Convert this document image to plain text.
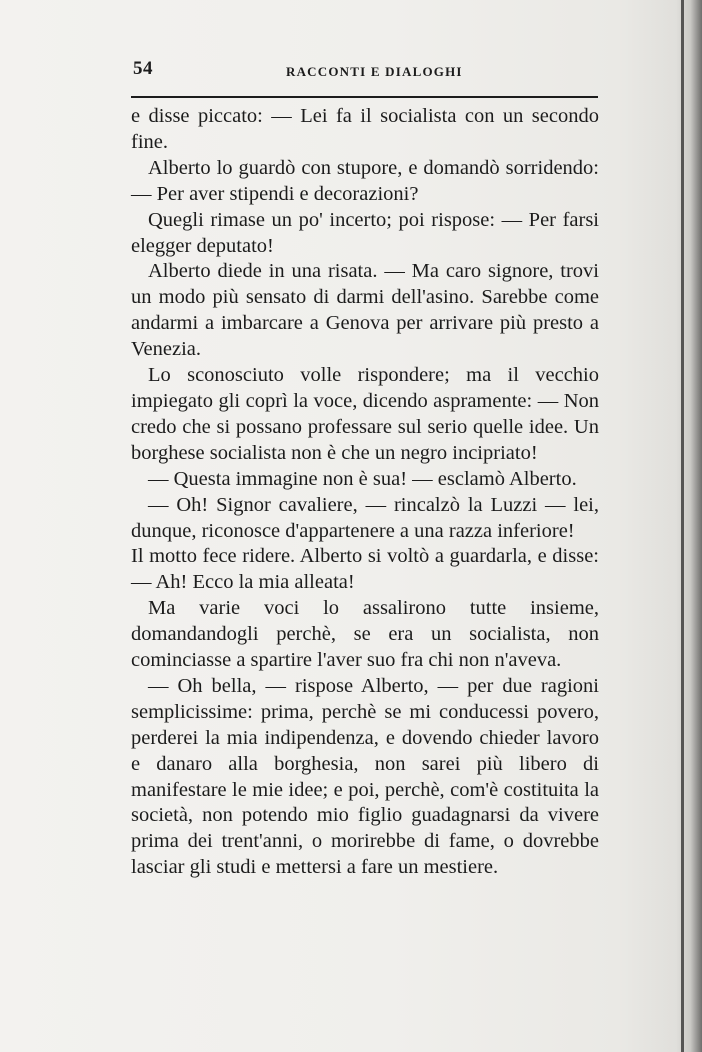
54	RACCONTI E DIALOGHI

e disse piccato: — Lei fa il socialista con un secondo fine.

Alberto lo guardò con stupore, e domandò sorridendo: — Per aver stipendi e decorazioni?

Quegli rimase un po' incerto; poi rispose: — Per farsi elegger deputato!

Alberto diede in una risata. — Ma caro signore, trovi un modo più sensato di darmi dell'asino. Sarebbe come andarmi a imbarcare a Genova per arrivare più presto a Venezia.

Lo sconosciuto volle rispondere; ma il vecchio impiegato gli coprì la voce, dicendo aspramente: — Non credo che si possano professare sul serio quelle idee. Un borghese socialista non è che un negro incipriato!

— Questa immagine non è sua! — esclamò Alberto.

— Oh! Signor cavaliere, — rincalzò la Luzzi — lei, dunque, riconosce d'appartenere a una razza inferiore!

Il motto fece ridere. Alberto si voltò a guardarla, e disse: — Ah! Ecco la mia alleata!

Ma varie voci lo assalirono tutte insieme, domandandogli perchè, se era un socialista, non cominciasse a spartire l'aver suo fra chi non n'aveva.

— Oh bella, — rispose Alberto, — per due ragioni semplicissime: prima, perchè se mi conducessi povero, perderei la mia indipendenza, e dovendo chieder lavoro e danaro alla borghesia, non sarei più libero di manifestare le mie idee; e poi, perchè, com'è costituita la società, non potendo mio figlio guadagnarsi da vivere prima dei trent'anni, o morirebbe di fame, o dovrebbe lasciar gli studi e mettersi a fare un mestiere.
